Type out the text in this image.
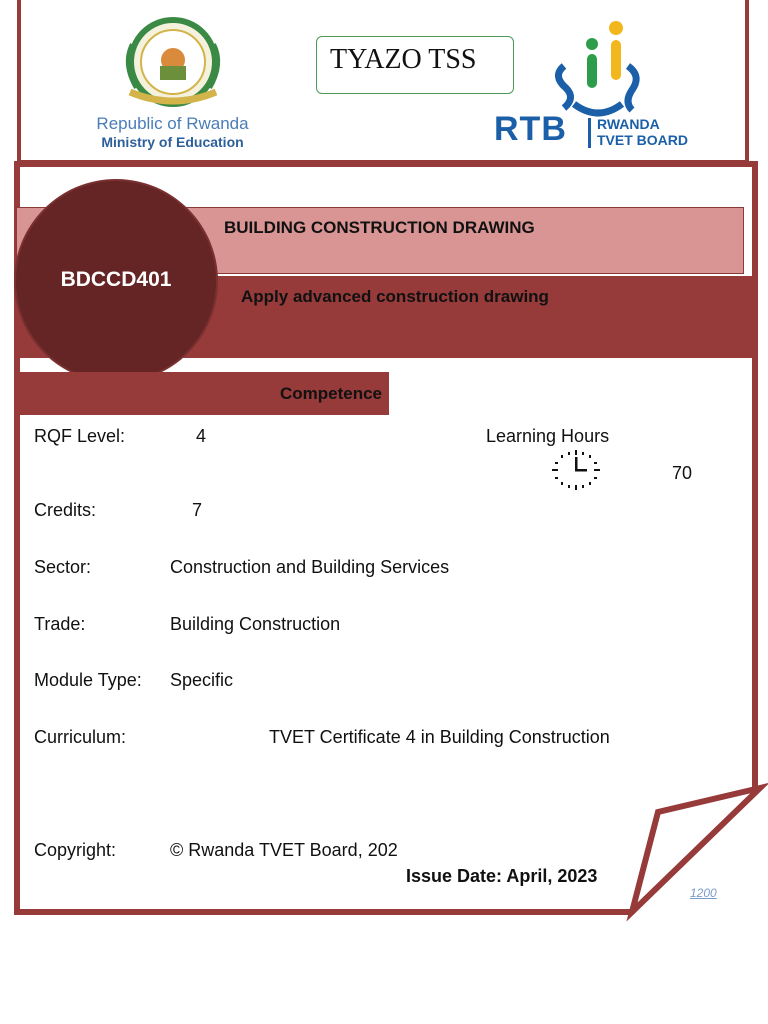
Republic of Rwanda
Ministry of Education
TYAZO TSS
RTB RWANDA
TVET BOARD
BUILDING CONSTRUCTION DRAWING
Apply advanced construction drawing
BDCCD401
Competence
RQF Level:	4	Learning Hours
70
Credits:	7
Sector:	Construction and Building Services
Trade:	Building Construction
Module Type: Specific
Curriculum:	TVET Certificate 4 in Building Construction
Copyright:	© Rwanda TVET Board, 202
Issue Date: April, 2023
1200
